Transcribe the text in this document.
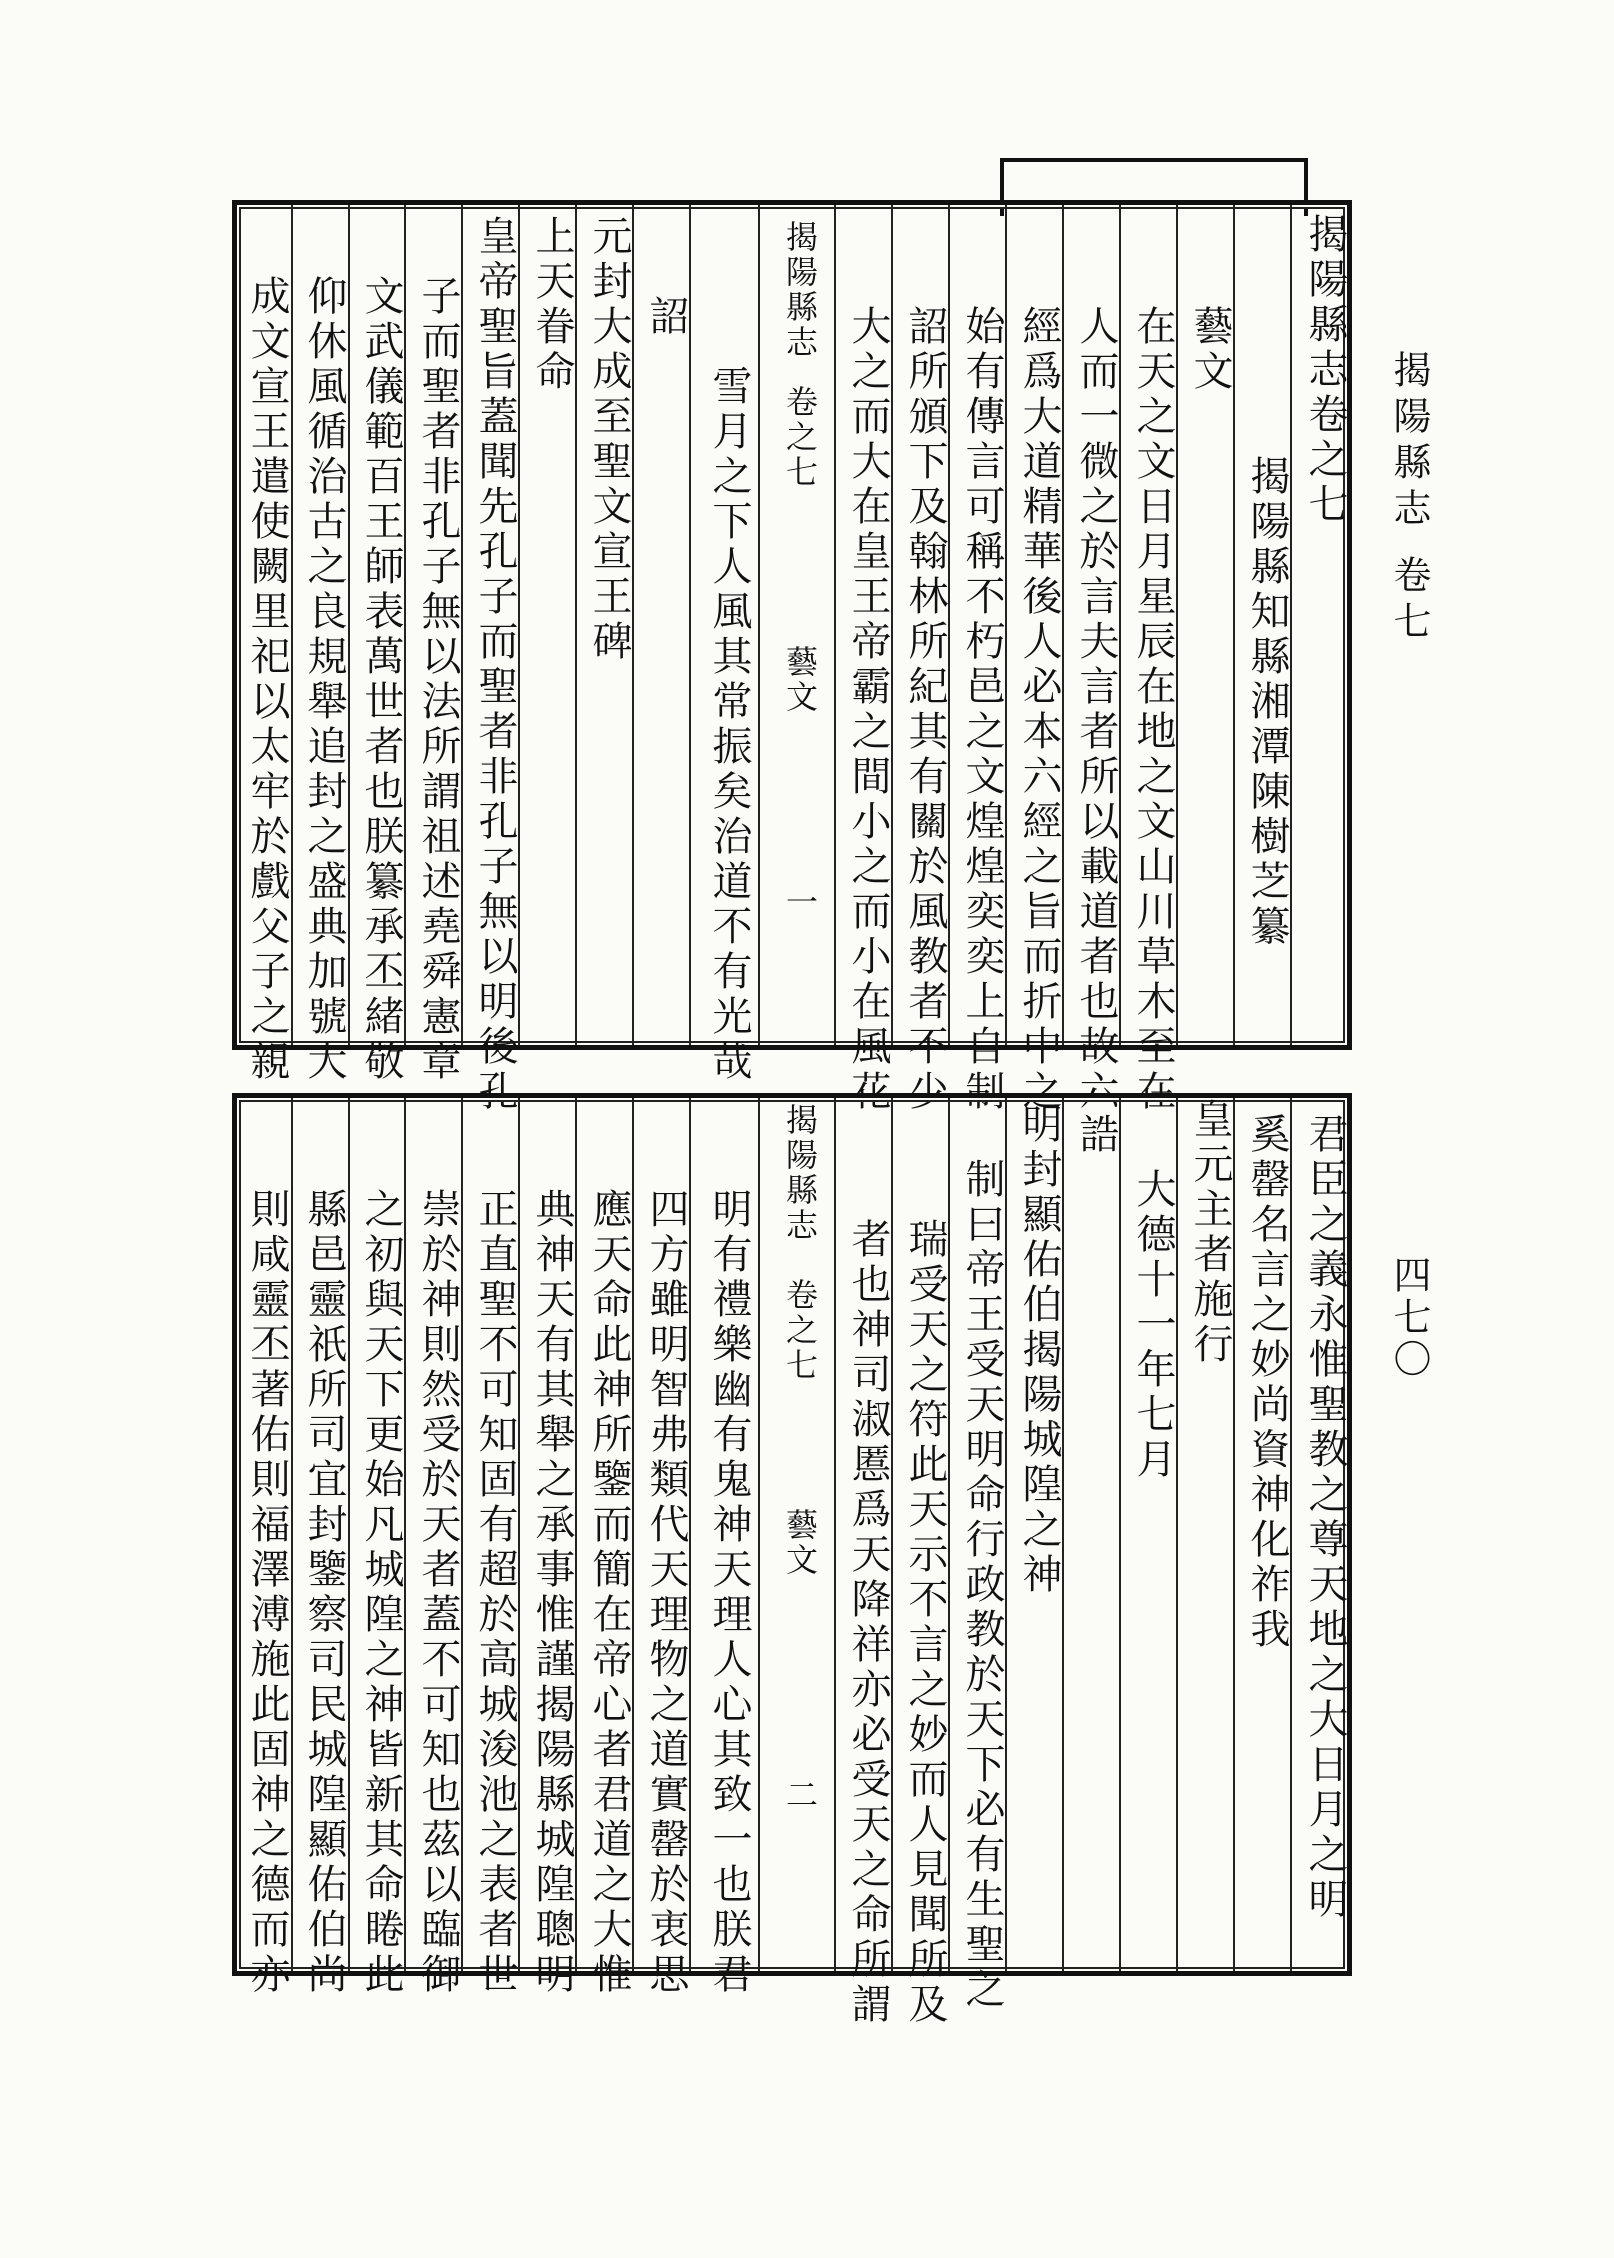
揭陽縣志
卷七
四七〇
揭陽縣志卷之七
揭陽縣知縣湘潭陳樹芝纂
藝文
在天之文日月星辰在地之文山川草木至在
人而一微之於言夫言者所以載道者也故六
經爲大道精華後人必本六經之旨而折中之
始有傳言可稱不朽邑之文煌煌奕奕上自制
詔所頒下及翰林所紀其有關於風教者不少
大之而大在皇王帝霸之間小之而小在風花
揭陽縣志
卷之七
藝文
一
雪月之下人風其常振矣治道不有光哉
詔
元封大成至聖文宣王碑
上天眷命
皇帝聖旨蓋聞先孔子而聖者非孔子無以明後孔
子而聖者非孔子無以法所謂祖述堯舜憲章
文武儀範百王師表萬世者也朕纂承丕緒敬
仰休風循治古之良規舉追封之盛典加號大
成文宣王遣使闕里祀以太牢於戲父子之親
君臣之義永惟聖教之尊天地之大日月之明
奚罄名言之妙尚資神化祚我
皇元主者施行
大德十一年七月
誥
明封顯佑伯揭陽城隍之神
制曰帝王受天明命行政教於天下必有生聖之
瑞受天之符此天示不言之妙而人見聞所及
者也神司淑慝爲天降祥亦必受天之命所謂
揭陽縣志
卷之七
藝文
二
明有禮樂幽有鬼神天理人心其致一也朕君
四方雖明智弗類代天理物之道實罄於衷思
應天命此神所鑒而簡在帝心者君道之大惟
典神天有其舉之承事惟謹揭陽縣城隍聰明
正直聖不可知固有超於高城浚池之表者世
崇於神則然受於天者蓋不可知也茲以臨御
之初與天下更始凡城隍之神皆新其命睠此
縣邑靈祇所司宜封鑒察司民城隍顯佑伯尚
則咸靈丕著佑則福澤溥施此固神之德而亦
